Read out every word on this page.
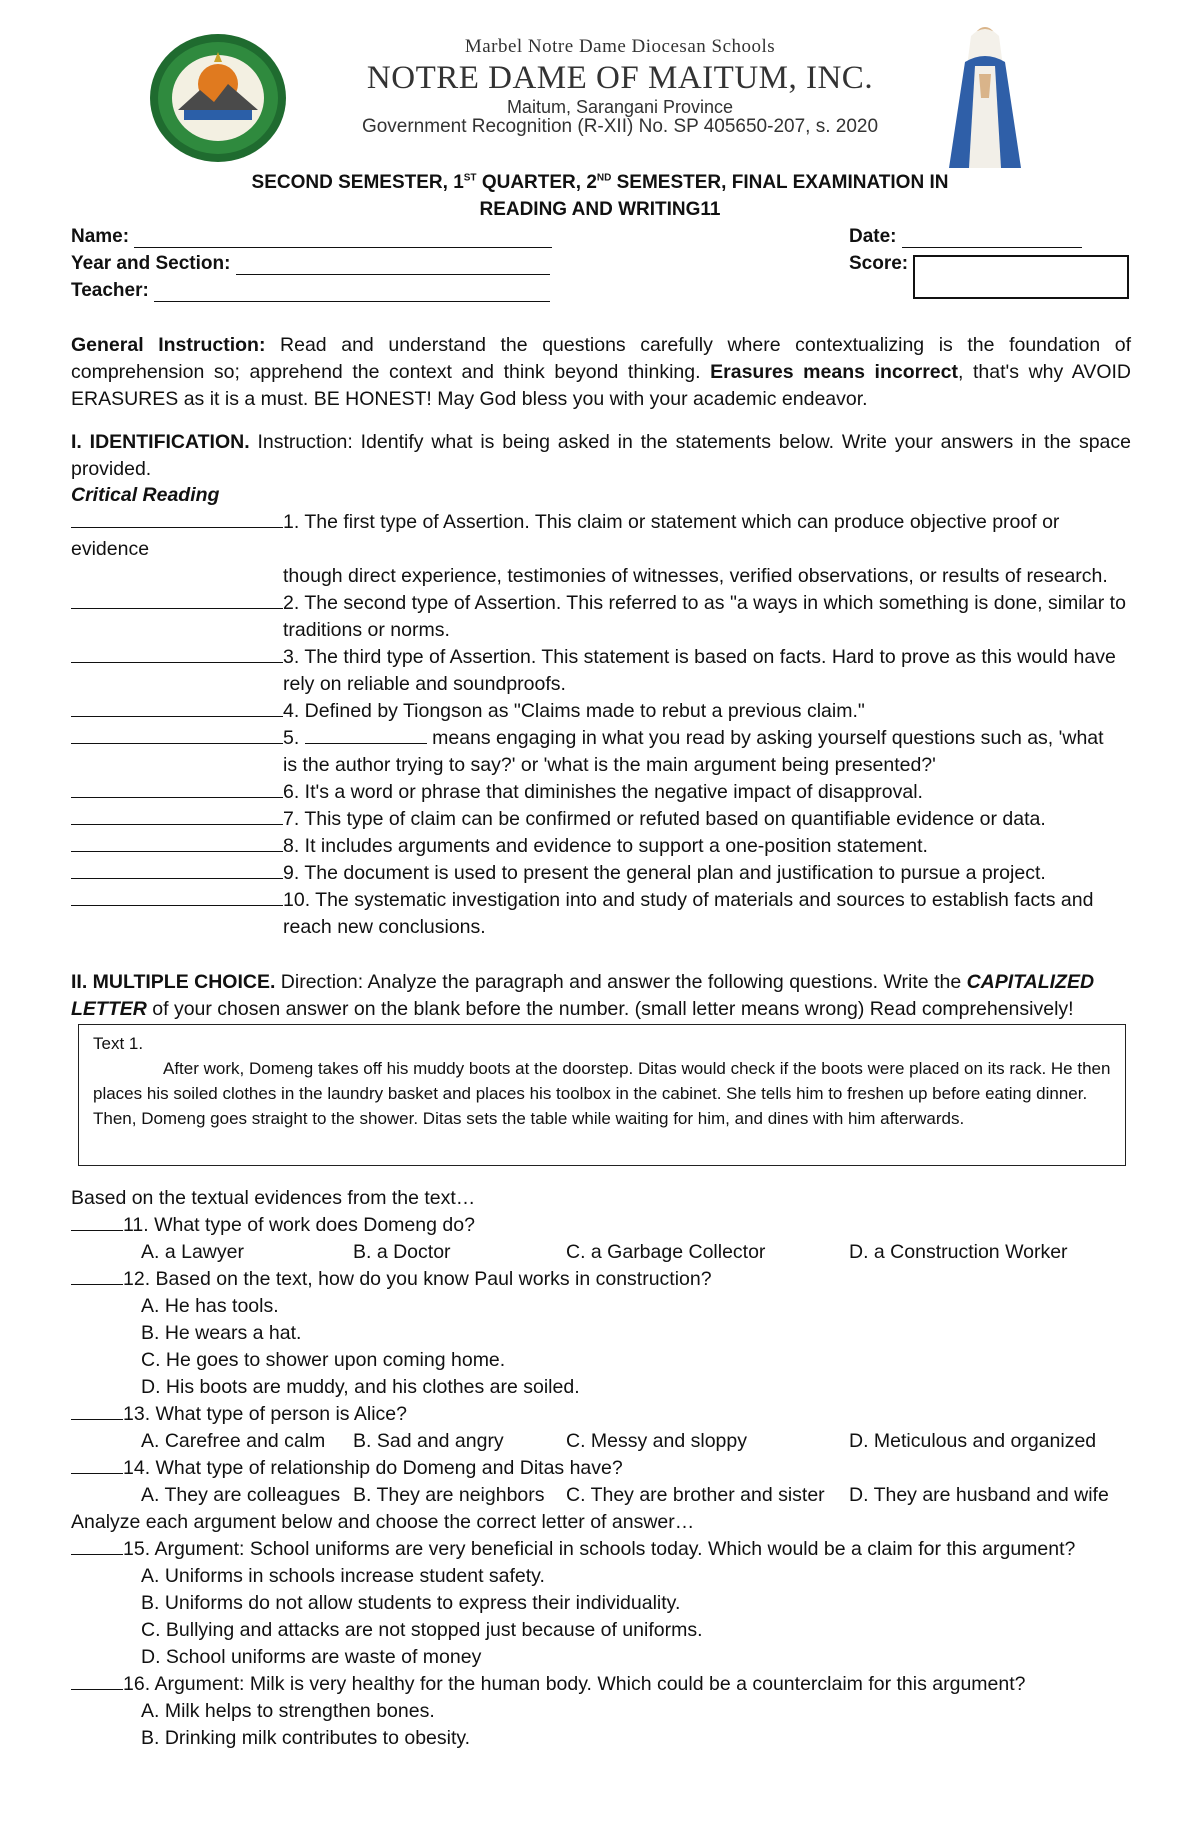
Marbel Notre Dame Diocesan Schools
NOTRE DAME OF MAITUM, INC.
Maitum, Sarangani Province
Government Recognition (R-XII) No. SP 405650-207, s. 2020
SECOND SEMESTER, 1ST QUARTER, 2ND SEMESTER, FINAL EXAMINATION IN
READING AND WRITING11
Name:
Year and Section:
Teacher:
Date:
Score:
General Instruction: Read and understand the questions carefully where contextualizing is the foundation of comprehension so; apprehend the context and think beyond thinking. Erasures means incorrect, that's why AVOID ERASURES as it is a must. BE HONEST! May God bless you with your academic endeavor.
I. IDENTIFICATION. Instruction: Identify what is being asked in the statements below. Write your answers in the space provided.
Critical Reading
1. The first type of Assertion. This claim or statement which can produce objective proof or
evidence
though direct experience, testimonies of witnesses, verified observations, or results of research.
2. The second type of Assertion. This referred to as "a ways in which something is done, similar to
traditions or norms.
3. The third type of Assertion. This statement is based on facts. Hard to prove as this would have
rely on reliable and soundproofs.
4. Defined by Tiongson as "Claims made to rebut a previous claim."
5.	means engaging in what you read by asking yourself questions such as, 'what
is the author trying to say?' or 'what is the main argument being presented?'
6. It's a word or phrase that diminishes the negative impact of disapproval.
7. This type of claim can be confirmed or refuted based on quantifiable evidence or data.
8. It includes arguments and evidence to support a one-position statement.
9. The document is used to present the general plan and justification to pursue a project.
10. The systematic investigation into and study of materials and sources to establish facts and
reach new conclusions.
II. MULTIPLE CHOICE. Direction: Analyze the paragraph and answer the following questions. Write the CAPITALIZED
LETTER of your chosen answer on the blank before the number. (small letter means wrong) Read comprehensively!

Text 1.

After work, Domeng takes off his muddy boots at the doorstep. Ditas would check if the boots were placed on its rack. He then places his soiled clothes in the laundry basket and places his toolbox in the cabinet. She tells him to freshen up before eating dinner. Then, Domeng goes straight to the shower. Ditas sets the table while waiting for him, and dines with him afterwards.

Based on the textual evidences from the text…
11. What type of work does Domeng do?
A. a Lawyer	B. a Doctor	C. a Garbage Collector	D. a Construction Worker
12. Based on the text, how do you know Paul works in construction?
A. He has tools.
B. He wears a hat.
C. He goes to shower upon coming home.
D. His boots are muddy, and his clothes are soiled.
13. What type of person is Alice?
A. Carefree and calm B. Sad and angry	C. Messy and sloppy	D. Meticulous and organized
14. What type of relationship do Domeng and Ditas have?
A. They are colleagues B. They are neighbors C. They are brother and sister D. They are husband and wife
Analyze each argument below and choose the correct letter of answer…
15. Argument: School uniforms are very beneficial in schools today. Which would be a claim for this argument?
A. Uniforms in schools increase student safety.
B. Uniforms do not allow students to express their individuality.
C. Bullying and attacks are not stopped just because of uniforms.
D. School uniforms are waste of money
16. Argument: Milk is very healthy for the human body. Which could be a counterclaim for this argument?
A. Milk helps to strengthen bones.
B. Drinking milk contributes to obesity.
